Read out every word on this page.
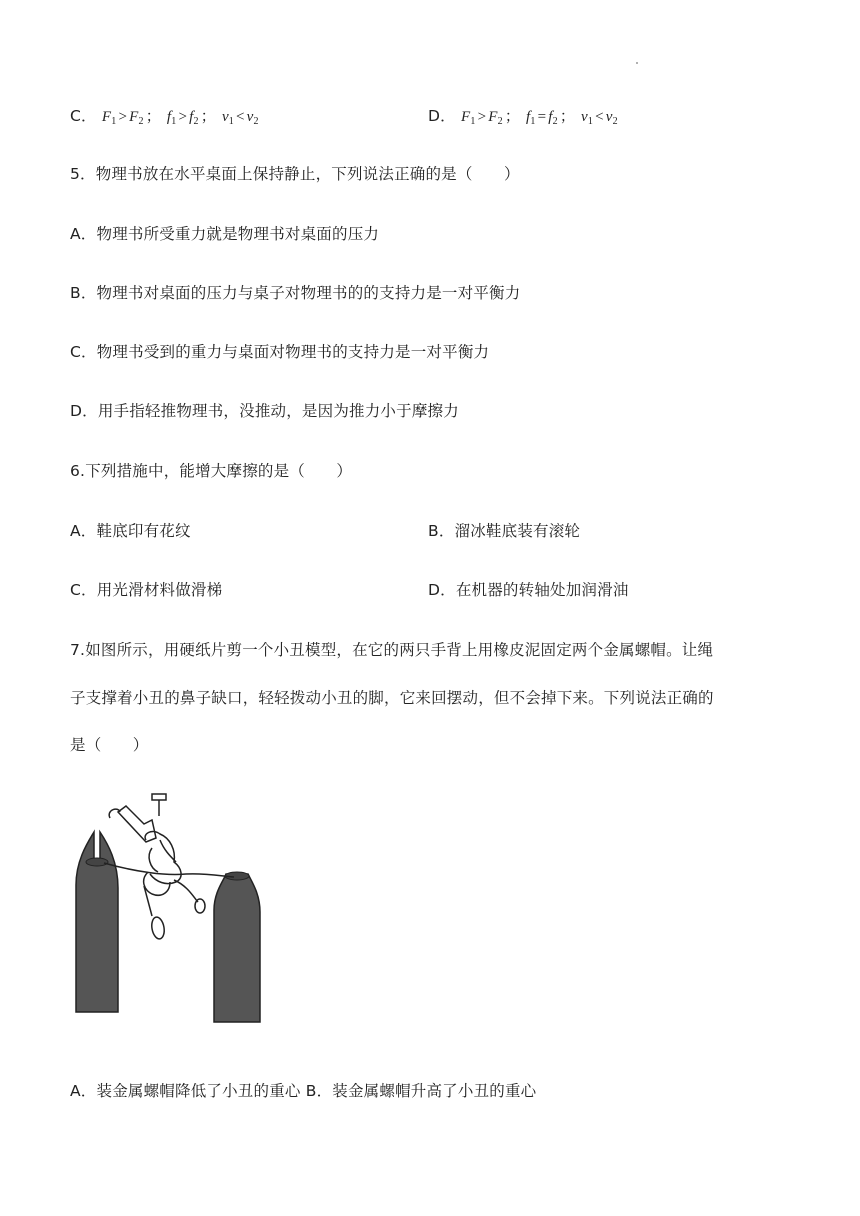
C． $F_1 > F_2$ ； $f_1 > f_2$ ； $v_1 < v_2$	D． $F_1 > F_2$ ； $f_1 = f_2$ ； $v_1 < v_2$
5．物理书放在水平桌面上保持静止，下列说法正确的是（　　）
A．物理书所受重力就是物理书对桌面的压力
B．物理书对桌面的压力与桌子对物理书的的支持力是一对平衡力
C．物理书受到的重力与桌面对物理书的支持力是一对平衡力
D．用手指轻推物理书，没推动，是因为推力小于摩擦力
6.下列措施中，能增大摩擦的是（　　）
A．鞋底印有花纹	B．溜冰鞋底装有滚轮
C．用光滑材料做滑梯	D．在机器的转轴处加润滑油
7.如图所示，用硬纸片剪一个小丑模型，在它的两只手背上用橡皮泥固定两个金属螺帽。让绳
子支撑着小丑的鼻子缺口，轻轻拨动小丑的脚，它来回摆动，但不会掉下来。下列说法正确的
是（　　）
A．装金属螺帽降低了小丑的重心 B．装金属螺帽升高了小丑的重心
